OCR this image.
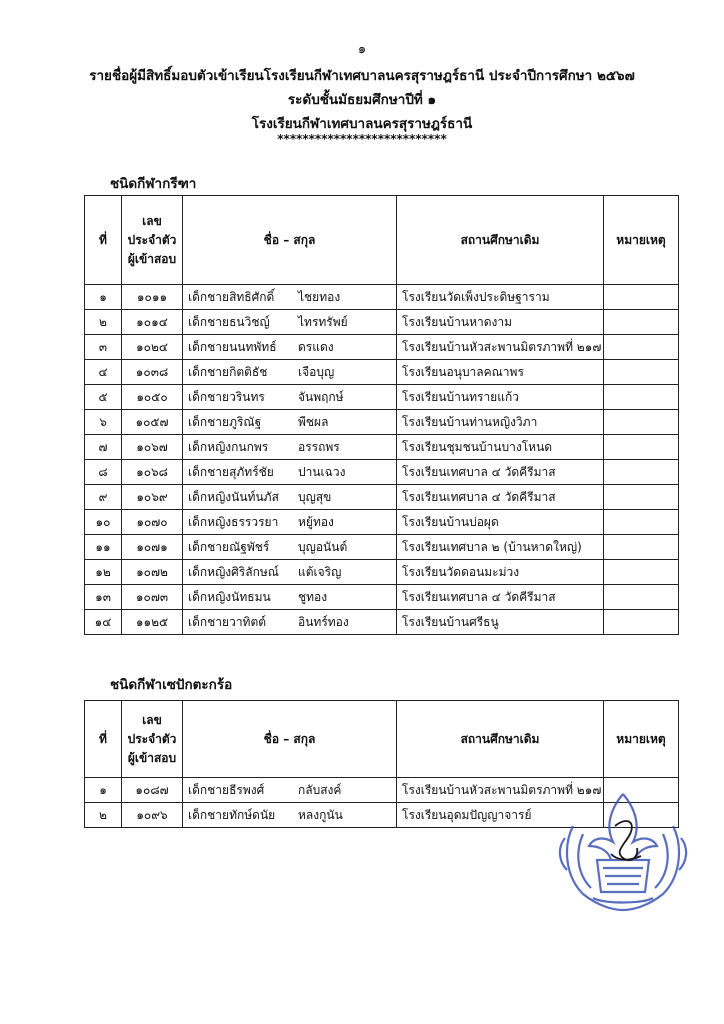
๑
รายชื่อผู้มีสิทธิ์มอบตัวเข้าเรียนโรงเรียนกีฬาเทศบาลนครสุราษฎร์ธานี ประจำปีการศึกษา ๒๕๖๗
ระดับชั้นมัธยมศึกษาปีที่ ๑
โรงเรียนกีฬาเทศบาลนครสุราษฎร์ธานี
***************************
ชนิดกีฬากรีฑา
ที่	เลข
ประจำตัว
ผู้เข้าสอบ	ชื่อ – สกุล	สถานศึกษาเดิม	หมายเหตุ
๑	๑๐๑๑	เด็กชายสิทธิศักดิ์ ไชยทอง	โรงเรียนวัดเพ็งประดิษฐาราม	
๒	๑๐๑๔	เด็กชายธนวิชญ์ ไทรทรัพย์	โรงเรียนบ้านหาดงาม	
๓	๑๐๒๔	เด็กชายนนทพัทธ์ ดรแดง	โรงเรียนบ้านหัวสะพานมิตรภาพที่ ๒๑๗	
๔	๑๐๓๘	เด็กชายกิตติธัช เจือบุญ	โรงเรียนอนุบาลคณาพร	
๕	๑๐๕๐	เด็กชายวรินทร จันพฤกษ์	โรงเรียนบ้านทรายแก้ว	
๖	๑๐๕๗	เด็กชายภูริณัฐ พืชผล	โรงเรียนบ้านท่านหญิงวิภา	
๗	๑๐๖๗	เด็กหญิงกนกพร อรรถพร	โรงเรียนชุมชนบ้านบางโหนด	
๘	๑๐๖๘	เด็กชายสุภัทร์ชัย ปานเฉวง	โรงเรียนเทศบาล ๔ วัดคีรีมาส	
๙	๑๐๖๙	เด็กหญิงนันท์นภัส บุญสุข	โรงเรียนเทศบาล ๔ วัดคีรีมาส	
๑๐	๑๐๗๐	เด็กหญิงธรรวรยา หยู้ทอง	โรงเรียนบ้านบ่อผุด	
๑๑	๑๐๗๑	เด็กชายณัฐพัชร์ บุญอนันต์	โรงเรียนเทศบาล ๒ (บ้านหาดใหญ่)	
๑๒	๑๐๗๒	เด็กหญิงศิริลักษณ์ แต้เจริญ	โรงเรียนวัดดอนมะม่วง	
๑๓	๑๐๗๓	เด็กหญิงนัทธมน ชูทอง	โรงเรียนเทศบาล ๔ วัดคีรีมาส	
๑๔	๑๑๒๕	เด็กชายวาทิตต์ อินทร์ทอง	โรงเรียนบ้านศรีธนู	
ชนิดกีฬาเซปักตะกร้อ
ที่	เลข
ประจำตัว
ผู้เข้าสอบ	ชื่อ – สกุล	สถานศึกษาเดิม	หมายเหตุ
๑	๑๐๘๗	เด็กชายธีรพงศ์ กลับสงค์	โรงเรียนบ้านหัวสะพานมิตรภาพที่ ๒๑๗	
๒	๑๐๙๖	เด็กชายทักษ์ดนัย หลงกูนัน	โรงเรียนอุดมปัญญาจารย์	
